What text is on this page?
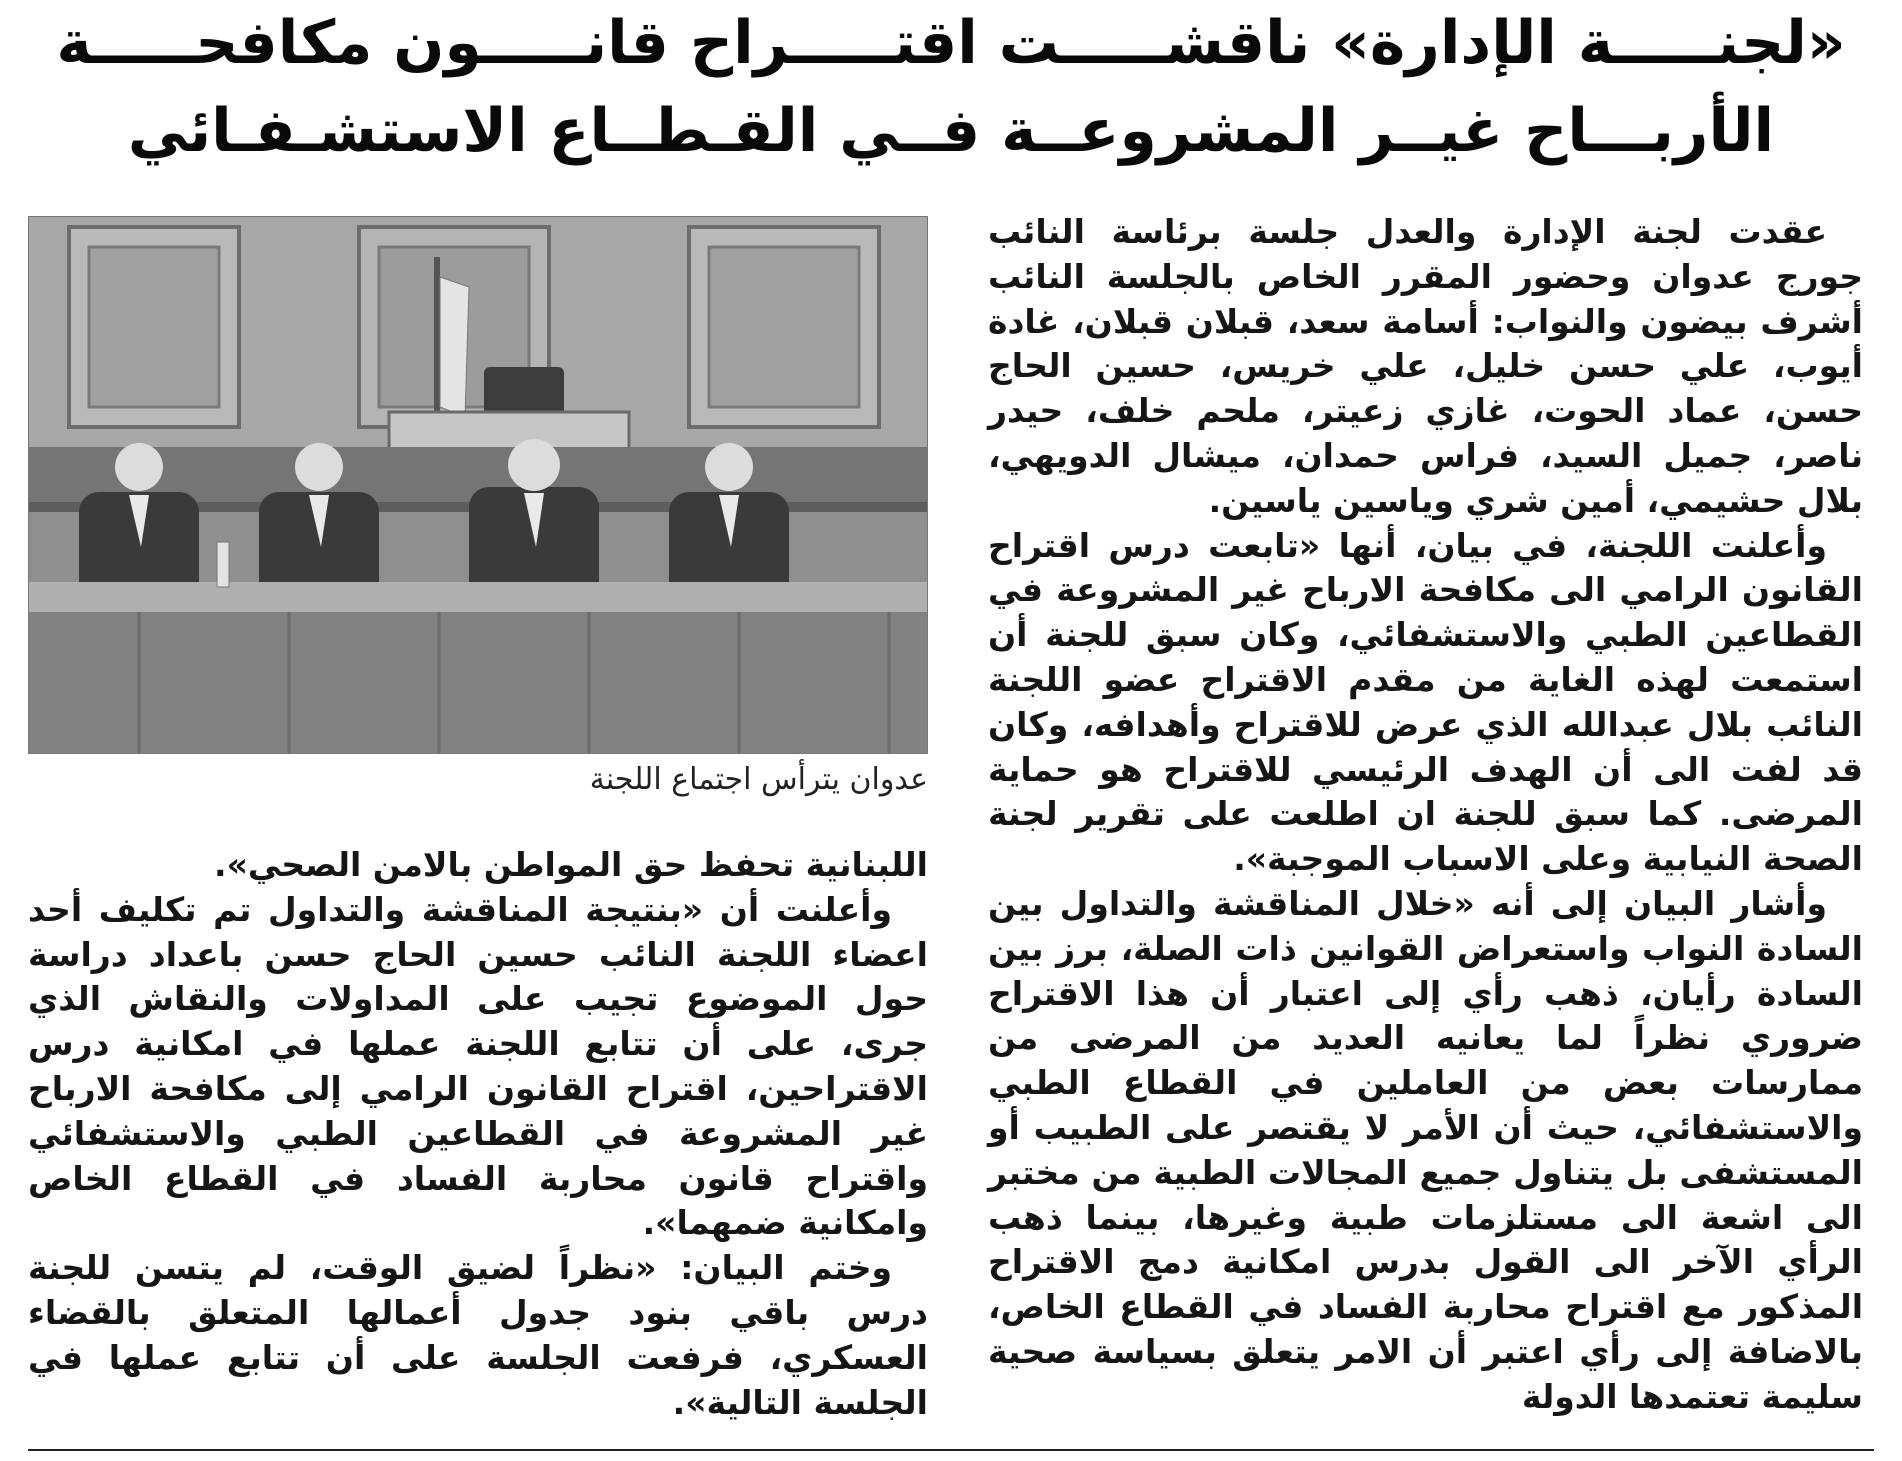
«لجنـــــة الإدارة» ناقشـــــت اقتـــــراح قانـــــون مكافحـــــة
الأربـــاح غيــر المشروعــة فــي القـطــاع الاستشـفـائي

عقدت لجنة الإدارة والعدل جلسة برئاسة النائب جورج عدوان وحضور المقرر الخاص بالجلسة النائب أشرف بيضون والنواب: أسامة سعد، قبلان قبلان، غادة أيوب، علي حسن خليل، علي خريس، حسين الحاج حسن، عماد الحوت، غازي زعيتر، ملحم خلف، حيدر ناصر، جميل السيد، فراس حمدان، ميشال الدويهي، بلال حشيمي، أمين شري وياسين ياسين.

وأعلنت اللجنة، في بيان، أنها «تابعت درس اقتراح القانون الرامي الى مكافحة الارباح غير المشروعة في القطاعين الطبي والاستشفائي، وكان سبق للجنة أن استمعت لهذه الغاية من مقدم الاقتراح عضو اللجنة النائب بلال عبدالله الذي عرض للاقتراح وأهدافه، وكان قد لفت الى أن الهدف الرئيسي للاقتراح هو حماية المرضى. كما سبق للجنة ان اطلعت على تقرير لجنة الصحة النيابية وعلى الاسباب الموجبة».

وأشار البيان إلى أنه «خلال المناقشة والتداول بين السادة النواب واستعراض القوانين ذات الصلة، برز بين السادة رأيان، ذهب رأي إلى اعتبار أن هذا الاقتراح ضروري نظراً لما يعانيه العديد من المرضى من ممارسات بعض من العاملين في القطاع الطبي والاستشفائي، حيث أن الأمر لا يقتصر على الطبيب أو المستشفى بل يتناول جميع المجالات الطبية من مختبر الى اشعة الى مستلزمات طبية وغيرها، بينما ذهب الرأي الآخر الى القول بدرس امكانية دمج الاقتراح المذكور مع اقتراح محاربة الفساد في القطاع الخاص، بالاضافة إلى رأي اعتبر أن الامر يتعلق بسياسة صحية سليمة تعتمدها الدولة

عدوان يترأس اجتماع اللجنة

اللبنانية تحفظ حق المواطن بالامن الصحي».

وأعلنت أن «بنتيجة المناقشة والتداول تم تكليف أحد اعضاء اللجنة النائب حسين الحاج حسن باعداد دراسة حول الموضوع تجيب على المداولات والنقاش الذي جرى، على أن تتابع اللجنة عملها في امكانية درس الاقتراحين، اقتراح القانون الرامي إلى مكافحة الارباح غير المشروعة في القطاعين الطبي والاستشفائي واقتراح قانون محاربة الفساد في القطاع الخاص وامكانية ضمهما».

وختم البيان: «نظراً لضيق الوقت، لم يتسن للجنة درس باقي بنود جدول أعمالها المتعلق بالقضاء العسكري، فرفعت الجلسة على أن تتابع عملها في الجلسة التالية».
